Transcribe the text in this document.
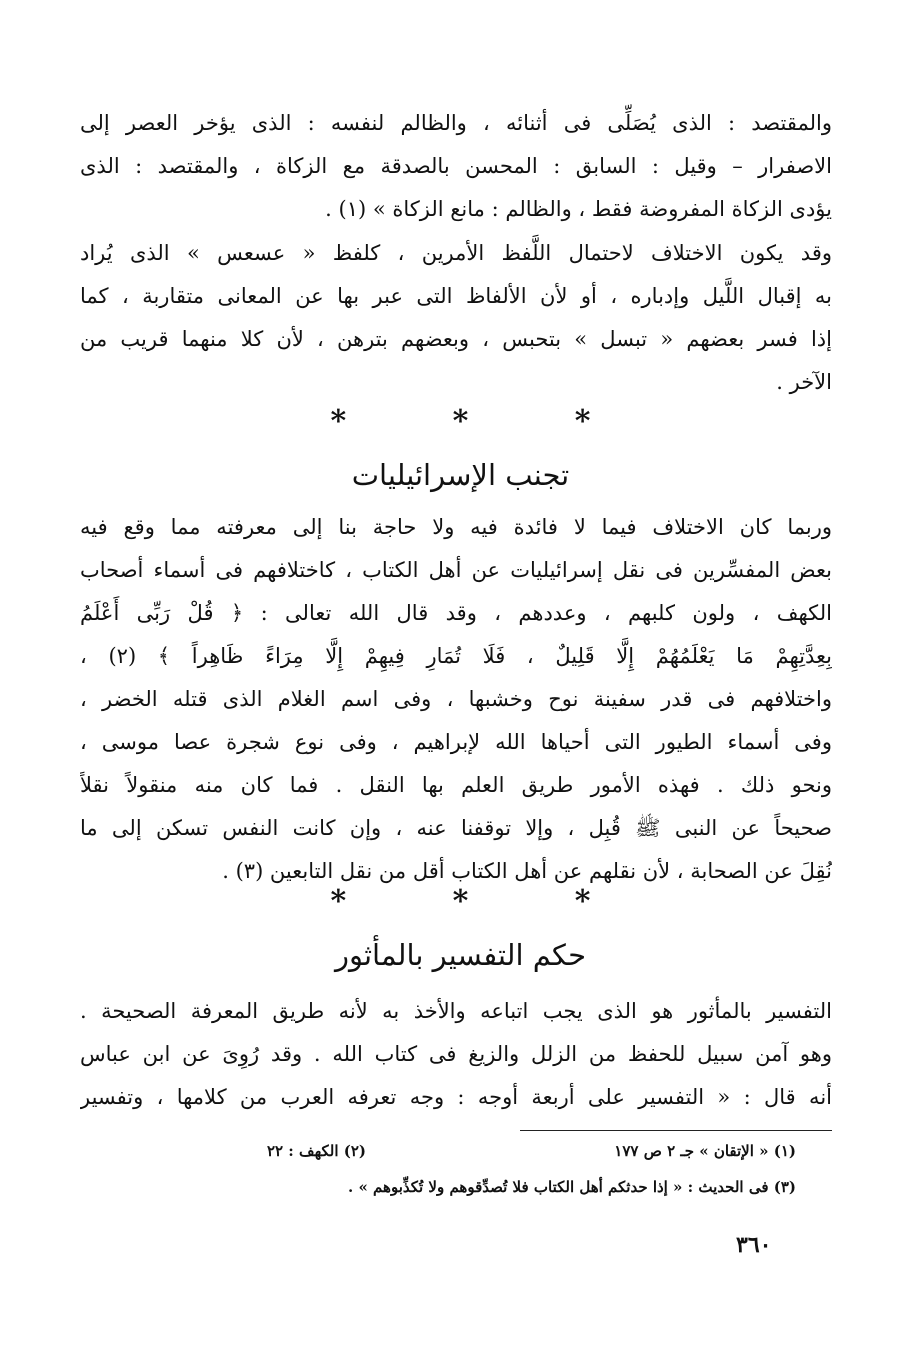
والمقتصد : الذى يُصَلِّى فى أثنائه ، والظالم لنفسه : الذى يؤخر العصر إلى
الاصفرار – وقيل : السابق : المحسن بالصدقة مع الزكاة ، والمقتصد : الذى
يؤدى الزكاة المفروضة فقط ، والظالم : مانع الزكاة » (١) .
وقد يكون الاختلاف لاحتمال اللَّفظ الأمرين ، كلفظ « عسعس » الذى يُراد
به إقبال اللَّيل وإدباره ، أو لأن الألفاظ التى عبر بها عن المعانى متقاربة ، كما
إذا فسر بعضهم « تبسل » بتحبس ، وبعضهم بترهن ، لأن كلا منهما قريب من
الآخر .
* * *
تجنب الإسرائيليات
وربما كان الاختلاف فيما لا فائدة فيه ولا حاجة بنا إلى معرفته مما وقع فيه
بعض المفسِّرين فى نقل إسرائيليات عن أهل الكتاب ، كاختلافهم فى أسماء أصحاب
الكهف ، ولون كلبهم ، وعددهم ، وقد قال الله تعالى : ﴿ قُلْ رَبِّى أَعْلَمُ
بِعِدَّتِهِمْ مَا يَعْلَمُهُمْ إِلَّا قَلِيلٌ ، فَلَا تُمَارِ فِيهِمْ إِلَّا مِرَاءً ظَاهِراً ﴾ (٢) ،
واختلافهم فى قدر سفينة نوح وخشبها ، وفى اسم الغلام الذى قتله الخضر ،
وفى أسماء الطيور التى أحياها الله لإبراهيم ، وفى نوع شجرة عصا موسى ،
ونحو ذلك . فهذه الأمور طريق العلم بها النقل . فما كان منه منقولاً نقلاً
صحيحاً عن النبى ﷺ قُبِل ، وإلا توقفنا عنه ، وإن كانت النفس تسكن إلى ما
نُقِلَ عن الصحابة ، لأن نقلهم عن أهل الكتاب أقل من نقل التابعين (٣) .
* * *
حكم التفسير بالمأثور
التفسير بالمأثور هو الذى يجب اتباعه والأخذ به لأنه طريق المعرفة الصحيحة .
وهو آمن سبيل للحفظ من الزلل والزيغ فى كتاب الله . وقد رُوِىَ عن ابن عباس
أنه قال : « التفسير على أربعة أوجه : وجه تعرفه العرب من كلامها ، وتفسير
(١) « الإتقان » جـ ٢ ص ١٧٧
(٢) الكهف : ٢٢
(٣) فى الحديث : « إذا حدثكم أهل الكتاب فلا تُصدِّقوهم ولا تُكذِّبوهم » .
٣٦٠
